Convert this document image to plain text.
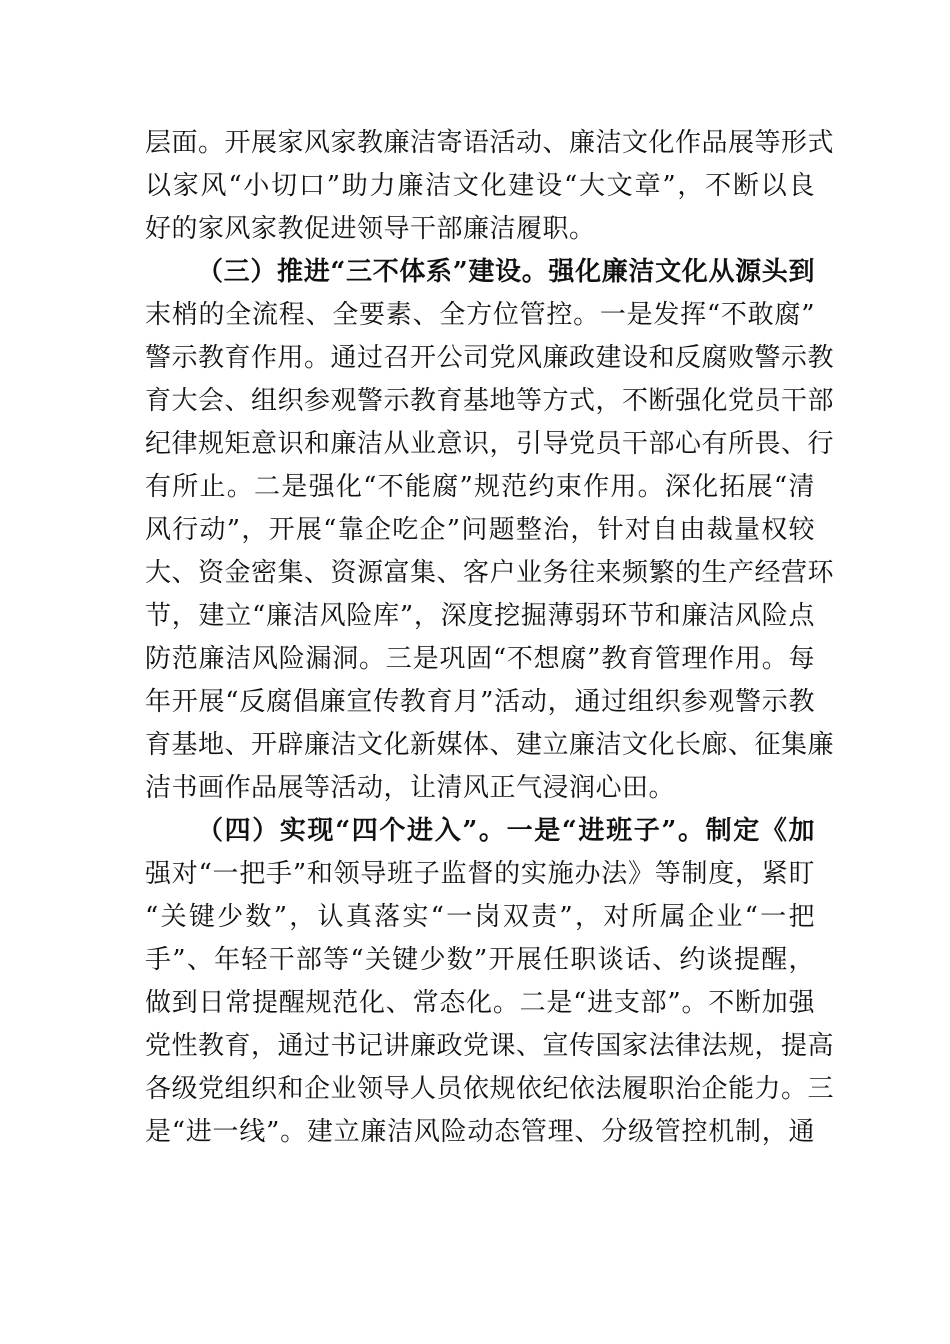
层面。开展家风家教廉洁寄语活动、廉洁文化作品展等形式
以家风“小切口”助力廉洁文化建设“大文章”，不断以良
好的家风家教促进领导干部廉洁履职。
（三）推进“三不体系”建设。强化廉洁文化从源头到
末梢的全流程、全要素、全方位管控。一是发挥“不敢腐”
警示教育作用。通过召开公司党风廉政建设和反腐败警示教
育大会、组织参观警示教育基地等方式，不断强化党员干部
纪律规矩意识和廉洁从业意识，引导党员干部心有所畏、行
有所止。二是强化“不能腐”规范约束作用。深化拓展“清
风行动”，开展“靠企吃企”问题整治，针对自由裁量权较
大、资金密集、资源富集、客户业务往来频繁的生产经营环
节，建立“廉洁风险库”，深度挖掘薄弱环节和廉洁风险点
防范廉洁风险漏洞。三是巩固“不想腐”教育管理作用。每
年开展“反腐倡廉宣传教育月”活动，通过组织参观警示教
育基地、开辟廉洁文化新媒体、建立廉洁文化长廊、征集廉
洁书画作品展等活动，让清风正气浸润心田。
（四）实现“四个进入”。一是“进班子”。制定《加
强对“一把手”和领导班子监督的实施办法》等制度，紧盯
“关键少数”，认真落实“一岗双责”，对所属企业“一把
手”、年轻干部等“关键少数”开展任职谈话、约谈提醒，
做到日常提醒规范化、常态化。二是“进支部”。不断加强
党性教育，通过书记讲廉政党课、宣传国家法律法规，提高
各级党组织和企业领导人员依规依纪依法履职治企能力。三
是“进一线”。建立廉洁风险动态管理、分级管控机制，通
